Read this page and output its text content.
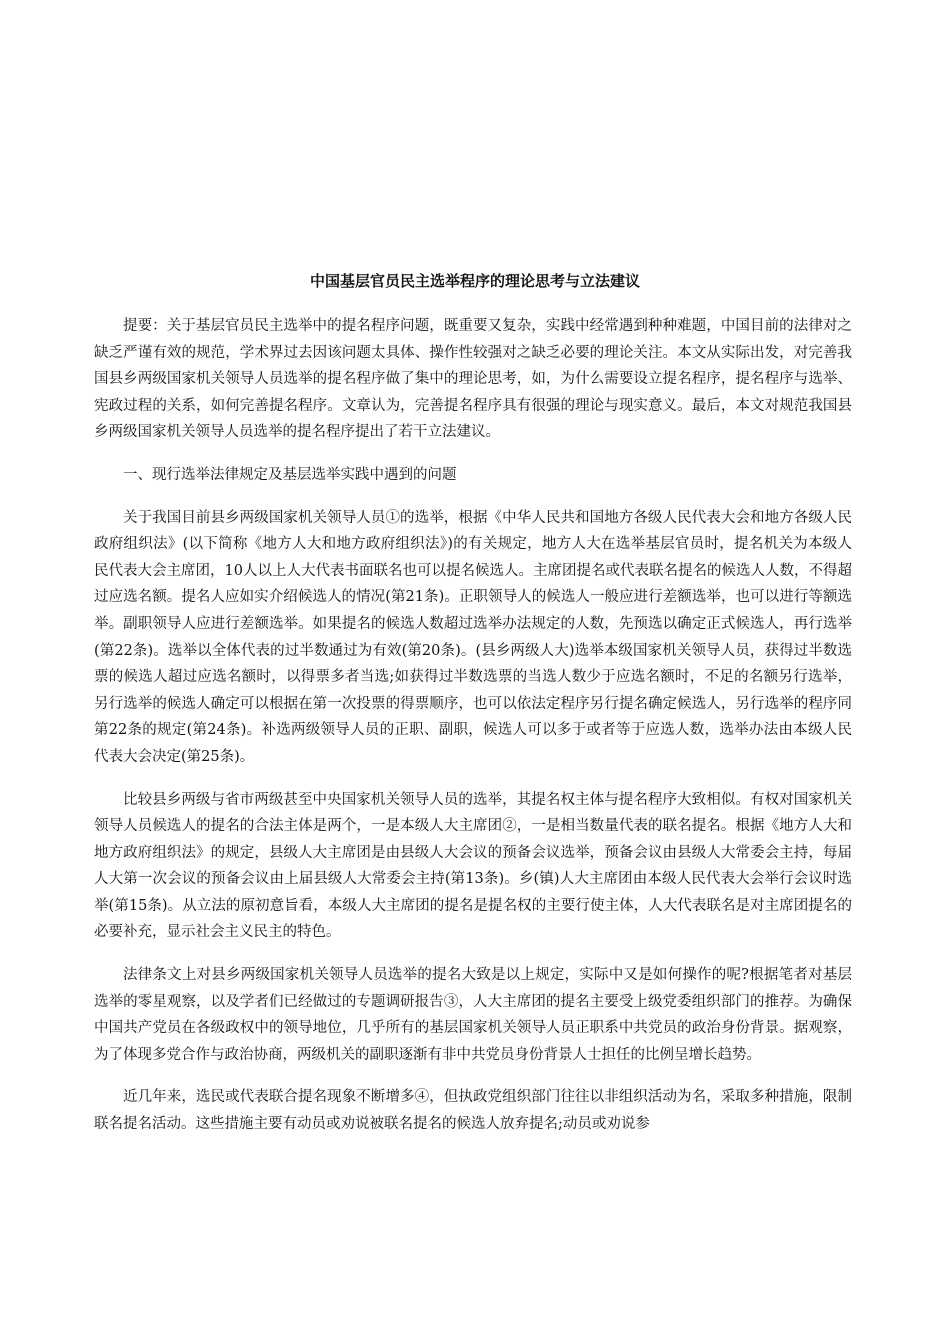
中国基层官员民主选举程序的理论思考与立法建议

提要：关于基层官员民主选举中的提名程序问题，既重要又复杂，实践中经常遇到种种难题，中国目前的法律对之缺乏严谨有效的规范，学术界过去因该问题太具体、操作性较强对之缺乏必要的理论关注。本文从实际出发，对完善我国县乡两级国家机关领导人员选举的提名程序做了集中的理论思考，如，为什么需要设立提名程序，提名程序与选举、宪政过程的关系，如何完善提名程序。文章认为，完善提名程序具有很强的理论与现实意义。最后，本文对规范我国县乡两级国家机关领导人员选举的提名程序提出了若干立法建议。

一、现行选举法律规定及基层选举实践中遇到的问题

关于我国目前县乡两级国家机关领导人员①的选举，根据《中华人民共和国地方各级人民代表大会和地方各级人民政府组织法》(以下简称《地方人大和地方政府组织法》)的有关规定，地方人大在选举基层官员时，提名机关为本级人民代表大会主席团，10人以上人大代表书面联名也可以提名候选人。主席团提名或代表联名提名的候选人人数，不得超过应选名额。提名人应如实介绍候选人的情况(第21条)。正职领导人的候选人一般应进行差额选举，也可以进行等额选举。副职领导人应进行差额选举。如果提名的候选人数超过选举办法规定的人数，先预选以确定正式候选人，再行选举(第22条)。选举以全体代表的过半数通过为有效(第20条)。(县乡两级人大)选举本级国家机关领导人员，获得过半数选票的候选人超过应选名额时，以得票多者当选;如获得过半数选票的当选人数少于应选名额时，不足的名额另行选举，另行选举的候选人确定可以根据在第一次投票的得票顺序，也可以依法定程序另行提名确定候选人，另行选举的程序同第22条的规定(第24条)。补选两级领导人员的正职、副职，候选人可以多于或者等于应选人数，选举办法由本级人民代表大会决定(第25条)。

比较县乡两级与省市两级甚至中央国家机关领导人员的选举，其提名权主体与提名程序大致相似。有权对国家机关领导人员候选人的提名的合法主体是两个，一是本级人大主席团②，一是相当数量代表的联名提名。根据《地方人大和地方政府组织法》的规定，县级人大主席团是由县级人大会议的预备会议选举，预备会议由县级人大常委会主持，每届人大第一次会议的预备会议由上届县级人大常委会主持(第13条)。乡(镇)人大主席团由本级人民代表大会举行会议时选举(第15条)。从立法的原初意旨看，本级人大主席团的提名是提名权的主要行使主体，人大代表联名是对主席团提名的必要补充，显示社会主义民主的特色。

法律条文上对县乡两级国家机关领导人员选举的提名大致是以上规定，实际中又是如何操作的呢?根据笔者对基层选举的零星观察，以及学者们已经做过的专题调研报告③，人大主席团的提名主要受上级党委组织部门的推荐。为确保中国共产党员在各级政权中的领导地位，几乎所有的基层国家机关领导人员正职系中共党员的政治身份背景。据观察，为了体现多党合作与政治协商，两级机关的副职逐渐有非中共党员身份背景人士担任的比例呈增长趋势。

近几年来，选民或代表联合提名现象不断增多④，但执政党组织部门往往以非组织活动为名，采取多种措施，限制联名提名活动。这些措施主要有动员或劝说被联名提名的候选人放弃提名;动员或劝说参
